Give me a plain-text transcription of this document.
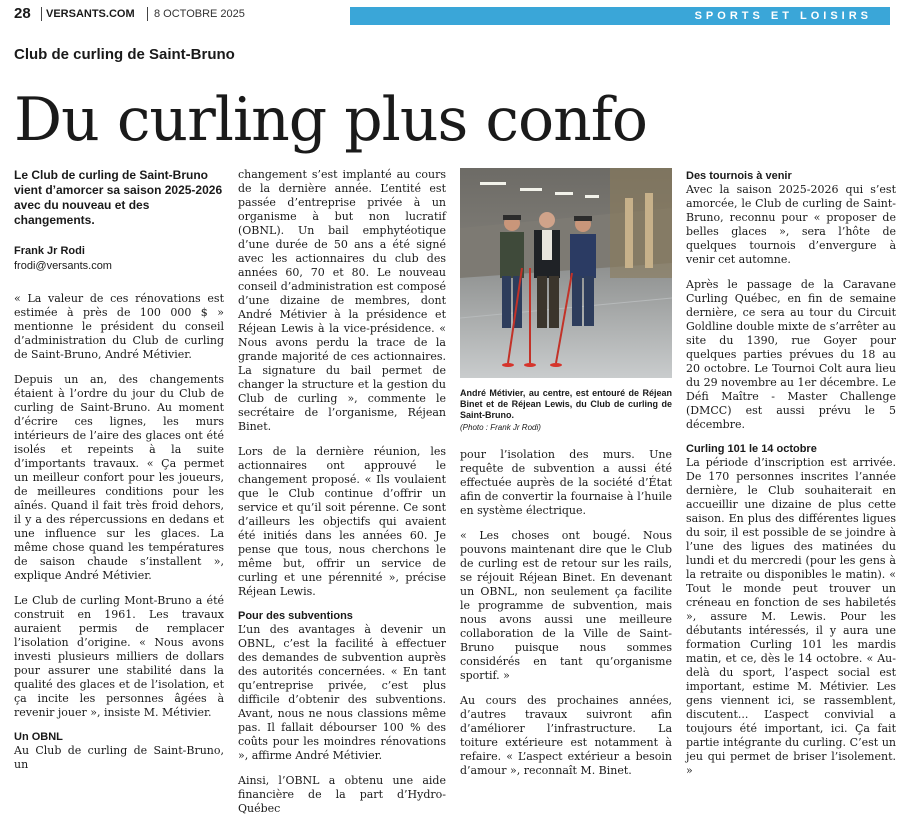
28 VERSANTS.COM 8 OCTOBRE 2025	SPORTS ET LOISIRS
Club de curling de Saint-Bruno
Du curling plus confo
Le Club de curling de Saint-Bruno vient d’amorcer sa saison 2025-2026 avec du nouveau et des changements.
Frank Jr Rodi
frodi@versants.com

« La valeur de ces rénovations est estimée à près de 100 000 $ » mentionne le président du conseil d’administration du Club de curling de Saint-Bruno, André Métivier.

Depuis un an, des changements étaient à l’ordre du jour du Club de curling de Saint-Bruno. Au moment d’écrire ces lignes, les murs intérieurs de l’aire des glaces ont été isolés et repeints à la suite d’importants travaux. « Ça permet un meilleur confort pour les joueurs, de meilleures conditions pour les aînés. Quand il fait très froid dehors, il y a des répercussions en dedans et une influence sur les glaces. La même chose quand les températures de saison chaude s’installent », explique André Métivier.

Le Club de curling Mont-Bruno a été construit en 1961. Les travaux auraient permis de remplacer l’isolation d’origine. « Nous avons investi plusieurs milliers de dollars pour assurer une stabilité dans la qualité des glaces et de l’isolation, et ça incite les personnes âgées à revenir jouer », insiste M. Métivier.

Un OBNL

Au Club de curling de Saint-Bruno, un

changement s’est implanté au cours de la dernière année. L’entité est passée d’entreprise privée à un organisme à but non lucratif (OBNL). Un bail emphytéotique d’une durée de 50 ans a été signé avec les actionnaires du club des années 60, 70 et 80. Le nouveau conseil d’administration est composé d’une dizaine de membres, dont André Métivier à la présidence et Réjean Lewis à la vice-présidence. « Nous avons perdu la trace de la grande majorité de ces actionnaires. La signature du bail permet de changer la structure et la gestion du Club de curling », commente le secrétaire de l’organisme, Réjean Binet.

Lors de la dernière réunion, les actionnaires ont approuvé le changement proposé. « Ils voulaient que le Club continue d’offrir un service et qu’il soit pérenne. Ce sont d’ailleurs les objectifs qui avaient été initiés dans les années 60. Je pense que tous, nous cherchons le même but, offrir un service de curling et une pérennité », précise Réjean Lewis.

Pour des subventions

L’un des avantages à devenir un OBNL, c’est la facilité à effectuer des demandes de subvention auprès des autorités concernées. « En tant qu’entreprise privée, c’est plus difficile d’obtenir des subventions. Avant, nous ne nous classions même pas. Il fallait débourser 100 % des coûts pour les moindres rénovations », affirme André Métivier.

Ainsi, l’OBNL a obtenu une aide financière de la part d’Hydro-Québec

André Métivier, au centre, est entouré de Réjean Binet et de Réjean Lewis, du Club de curling de Saint-Bruno.
(Photo : Frank Jr Rodi)

pour l’isolation des murs. Une requête de subvention a aussi été effectuée auprès de la société d’État afin de convertir la fournaise à l’huile en système électrique.

« Les choses ont bougé. Nous pouvons maintenant dire que le Club de curling est de retour sur les rails, se réjouit Réjean Binet. En devenant un OBNL, non seulement ça facilite le programme de subvention, mais nous avons aussi une meilleure collaboration de la Ville de Saint-Bruno puisque nous sommes considérés en tant qu’organisme sportif. »

Au cours des prochaines années, d’autres travaux suivront afin d’améliorer l’infrastructure. La toiture extérieure est notamment à refaire. « L’aspect extérieur a besoin d’amour », reconnaît M. Binet.

Des tournois à venir

Avec la saison 2025-2026 qui s’est amorcée, le Club de curling de Saint-Bruno, reconnu pour « proposer de belles glaces », sera l’hôte de quelques tournois d’envergure à venir cet automne.

Après le passage de la Caravane Curling Québec, en fin de semaine dernière, ce sera au tour du Circuit Goldline double mixte de s’arrêter au site du 1390, rue Goyer pour quelques parties prévues du 18 au 20 octobre. Le Tournoi Colt aura lieu du 29 novembre au 1er décembre. Le Défi Maître - Master Challenge (DMCC) est aussi prévu le 5 décembre.

Curling 101 le 14 octobre

La période d’inscription est arrivée. De 170 personnes inscrites l’année dernière, le Club souhaiterait en accueillir une dizaine de plus cette saison. En plus des différentes ligues du soir, il est possible de se joindre à l’une des ligues des matinées du lundi et du mercredi (pour les gens à la retraite ou disponibles le matin). « Tout le monde peut trouver un créneau en fonction de ses habiletés », assure M. Lewis. Pour les débutants intéressés, il y aura une formation Curling 101 les mardis matin, et ce, dès le 14 octobre. « Au-delà du sport, l’aspect social est important, estime M. Métivier. Les gens viennent ici, se rassemblent, discutent... L’aspect convivial a toujours été important, ici. Ça fait partie intégrante du curling. C’est un jeu qui permet de briser l’isolement. »
